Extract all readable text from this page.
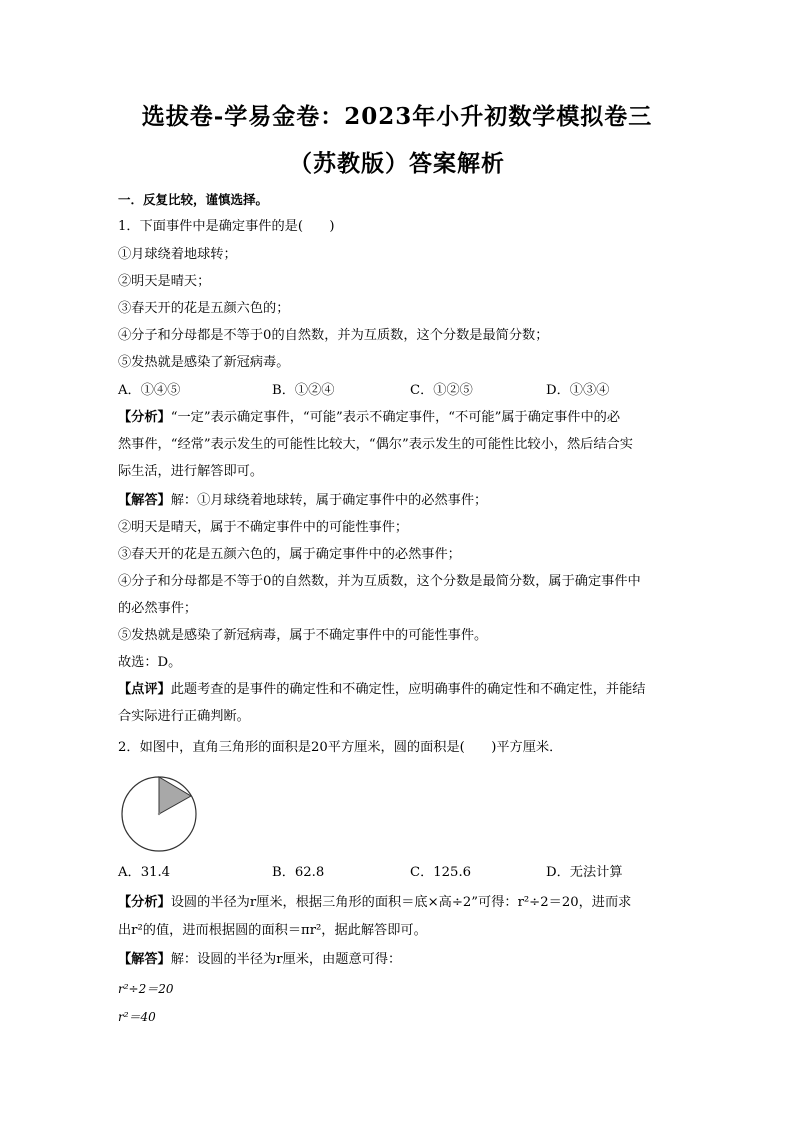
选拔卷-学易金卷：2023年小升初数学模拟卷三
（苏教版）答案解析
一．反复比较，谨慎选择。
1．下面事件中是确定事件的是(　　)
①月球绕着地球转；
②明天是晴天；
③春天开的花是五颜六色的；
④分子和分母都是不等于0的自然数，并为互质数，这个分数是最简分数；
⑤发热就是感染了新冠病毒。
A．①④⑤	B．①②④	C．①②⑤	D．①③④
【分析】“一定”表示确定事件，“可能”表示不确定事件，“不可能”属于确定事件中的必
然事件，“经常”表示发生的可能性比较大，“偶尔”表示发生的可能性比较小，然后结合实
际生活，进行解答即可。
【解答】解：①月球绕着地球转，属于确定事件中的必然事件；
②明天是晴天，属于不确定事件中的可能性事件；
③春天开的花是五颜六色的，属于确定事件中的必然事件；
④分子和分母都是不等于0的自然数，并为互质数，这个分数是最简分数，属于确定事件中
的必然事件；
⑤发热就是感染了新冠病毒，属于不确定事件中的可能性事件。
故选：D。
【点评】此题考查的是事件的确定性和不确定性，应明确事件的确定性和不确定性，并能结
合实际进行正确判断。
2．如图中，直角三角形的面积是20平方厘米，圆的面积是(　　)平方厘米．
A．31.4	B．62.8	C．125.6	D．无法计算
【分析】设圆的半径为r厘米，根据三角形的面积＝底×高÷2”可得：r²÷2＝20，进而求
出r²的值，进而根据圆的面积＝πr²，据此解答即可。
【解答】解：设圆的半径为r厘米，由题意可得：
r²÷2＝20
r²＝40
